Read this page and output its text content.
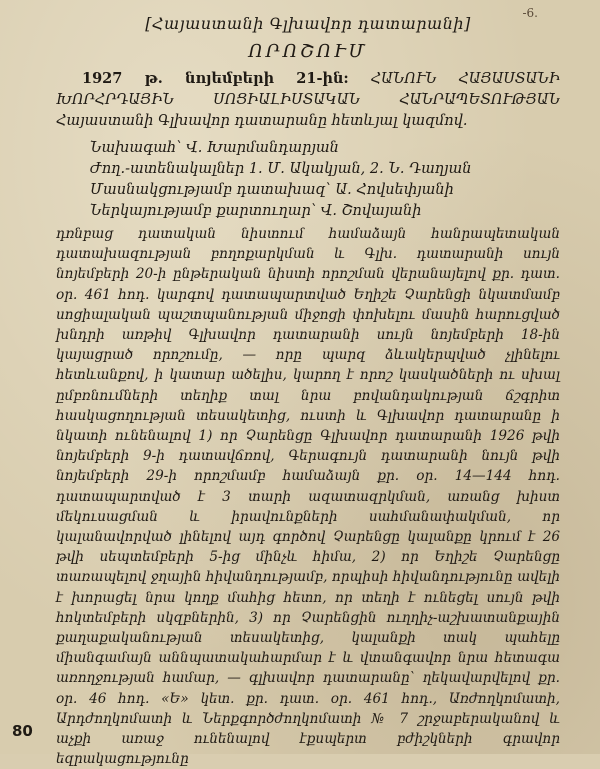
-6.
[Հայաստանի Գլխավոր դատարանի]
ՈՐՈՇՈՒՄ

1927 թ. նոյեմբերի 21-ին: ՀԱՆՈՒՆ ՀԱՅԱՍՏԱՆԻ ԽՈՐՀՐԴԱՅԻՆ ՍՈՑԻԱԼԻՍՏԱԿԱՆ ՀԱՆՐԱՊԵՏՈՒԹՅԱՆ Հայաստանի Գլխավոր դատարանը հետևյալ կազմով.

Նախագահ՝ Վ. Խարմանդարյան
Ժող.-ատենակալներ 1. Մ. Ակակյան, 2. Ն. Դաղյան
Մասնակցությամբ դատախազ՝ Ա. Հովսեփյանի
Ներկայությամբ քարտուղար՝ Վ. Շովայանի

դռնբաց դատական նիստում համաձայն հանրապետական դատախազության բողոքարկման և Գլխ. դատարանի սույն նոյեմբերի 20-ի ընթերական նիստի որոշման վերանայելով քր. դատ. օր. 461 հոդ. կարգով դատապարտված Եղիշե Չարենցի նկատմամբ սոցիալական պաշտպանության միջոցի փոխելու մասին հարուցված խնդրի առթիվ Գլխավոր դատարանի սույն նոյեմբերի 18-ին կայացրած որոշումը, — որը պարզ ձևակերպված չլինելու հետևանքով, ի կատար ածելիս, կարող է որոշ կասկածների ու սխալ ըմբռնումների տեղիք տալ նրա բովանդակության ճշգրիտ հասկացողության տեսակետից, ուստի և Գլխավոր դատարանը ի նկատի ունենալով 1) որ Չարենցը Գլխավոր դատարանի 1926 թվի նոյեմբերի 9-ի դատավճռով, Գերագույն դատարանի նույն թվի նոյեմբերի 29-ի որոշմամբ համաձայն քր. օր. 14—144 հոդ. դատապարտված է 3 տարի ազատազրկման, առանց խիստ մեկուսացման և իրավունքների սահմանափակման, որ կալանավորված լինելով այդ գործով Չարենցը կալանքը կրում է 26 թվի սեպտեմբերի 5-ից մինչև հիմա, 2) որ Եղիշե Չարենցը տառապելով ջղային հիվանդությամբ, որպիսի հիվանդությունը ավելի է խորացել նրա կողք մահից հետո, որ տեղի է ունեցել սույն թվի հոկտեմբերի սկզբներին, 3) որ Չարենցին ուղղիչ-աշխատանքային քաղաքականության տեսակետից, կալանքի տակ պահելը միանգամայն աննպատակահարմար է և վտանգավոր նրա հետագա առողջության համար, — գլխավոր դատարանը՝ ղեկավարվելով քր. օր. 46 հոդ. «Ե» կետ. քր. դատ. օր. 461 հոդ., Առժողկոմատի, Արդժողկոմատի և Ներքգործժողկոմատի № 7 շրջաբերականով և աչքի առաջ ունենալով էքսպերտ բժիշկների գրավոր եզրակացությունը

80
